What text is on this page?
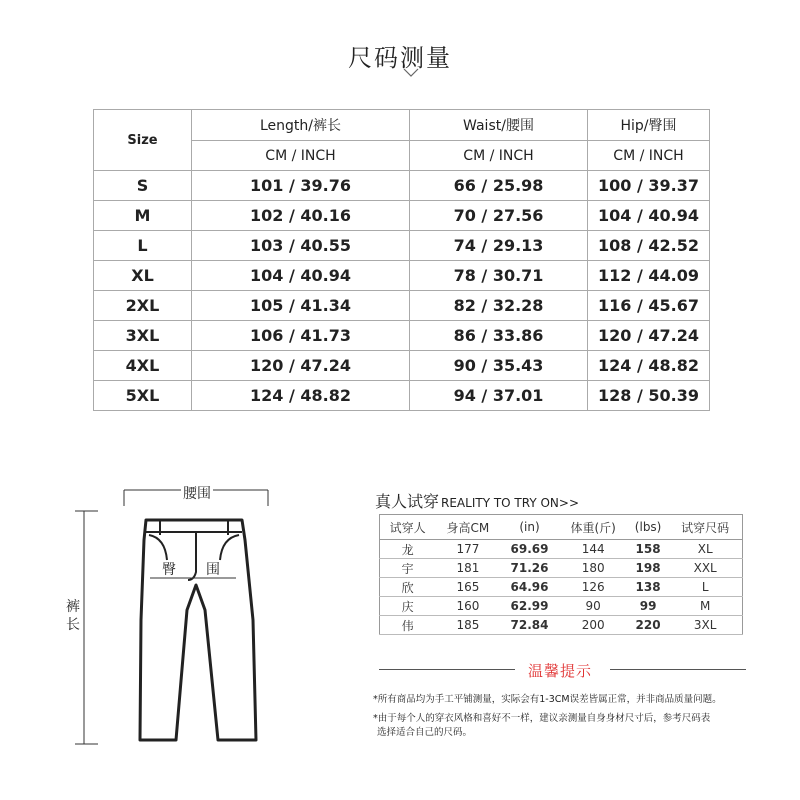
尺码测量
Size	Length/裤长	Waist/腰围	Hip/臀围
	CM / INCH	CM / INCH	CM / INCH
S	101 / 39.76	66 / 25.98	100 / 39.37
M	102 / 40.16	70 / 27.56	104 / 40.94
L	103 / 40.55	74 / 29.13	108 / 42.52
XL	104 / 40.94	78 / 30.71	112 / 44.09
2XL	105 / 41.34	82 / 32.28	116 / 45.67
3XL	106 / 41.73	86 / 33.86	120 / 47.24
4XL	120 / 47.24	90 / 35.43	124 / 48.82
5XL	124 / 48.82	94 / 37.01	128 / 50.39
腰围
臀 围
裤长
真人试穿 REALITY TO TRY ON>>
试穿人	身高CM	(in)	体重(斤)	(lbs)	试穿尺码
龙	177	69.69	144	158	XL
宇	181	71.26	180	198	XXL
欣	165	64.96	126	138	L
庆	160	62.99	90	99	M
伟	185	72.84	200	220	3XL
温馨提示
*所有商品均为手工平铺测量，实际会有1-3CM误差皆属正常，并非商品质量问题。
*由于每个人的穿衣风格和喜好不一样，建议亲测量自身身材尺寸后，参考尺码表
选择适合自己的尺码。
